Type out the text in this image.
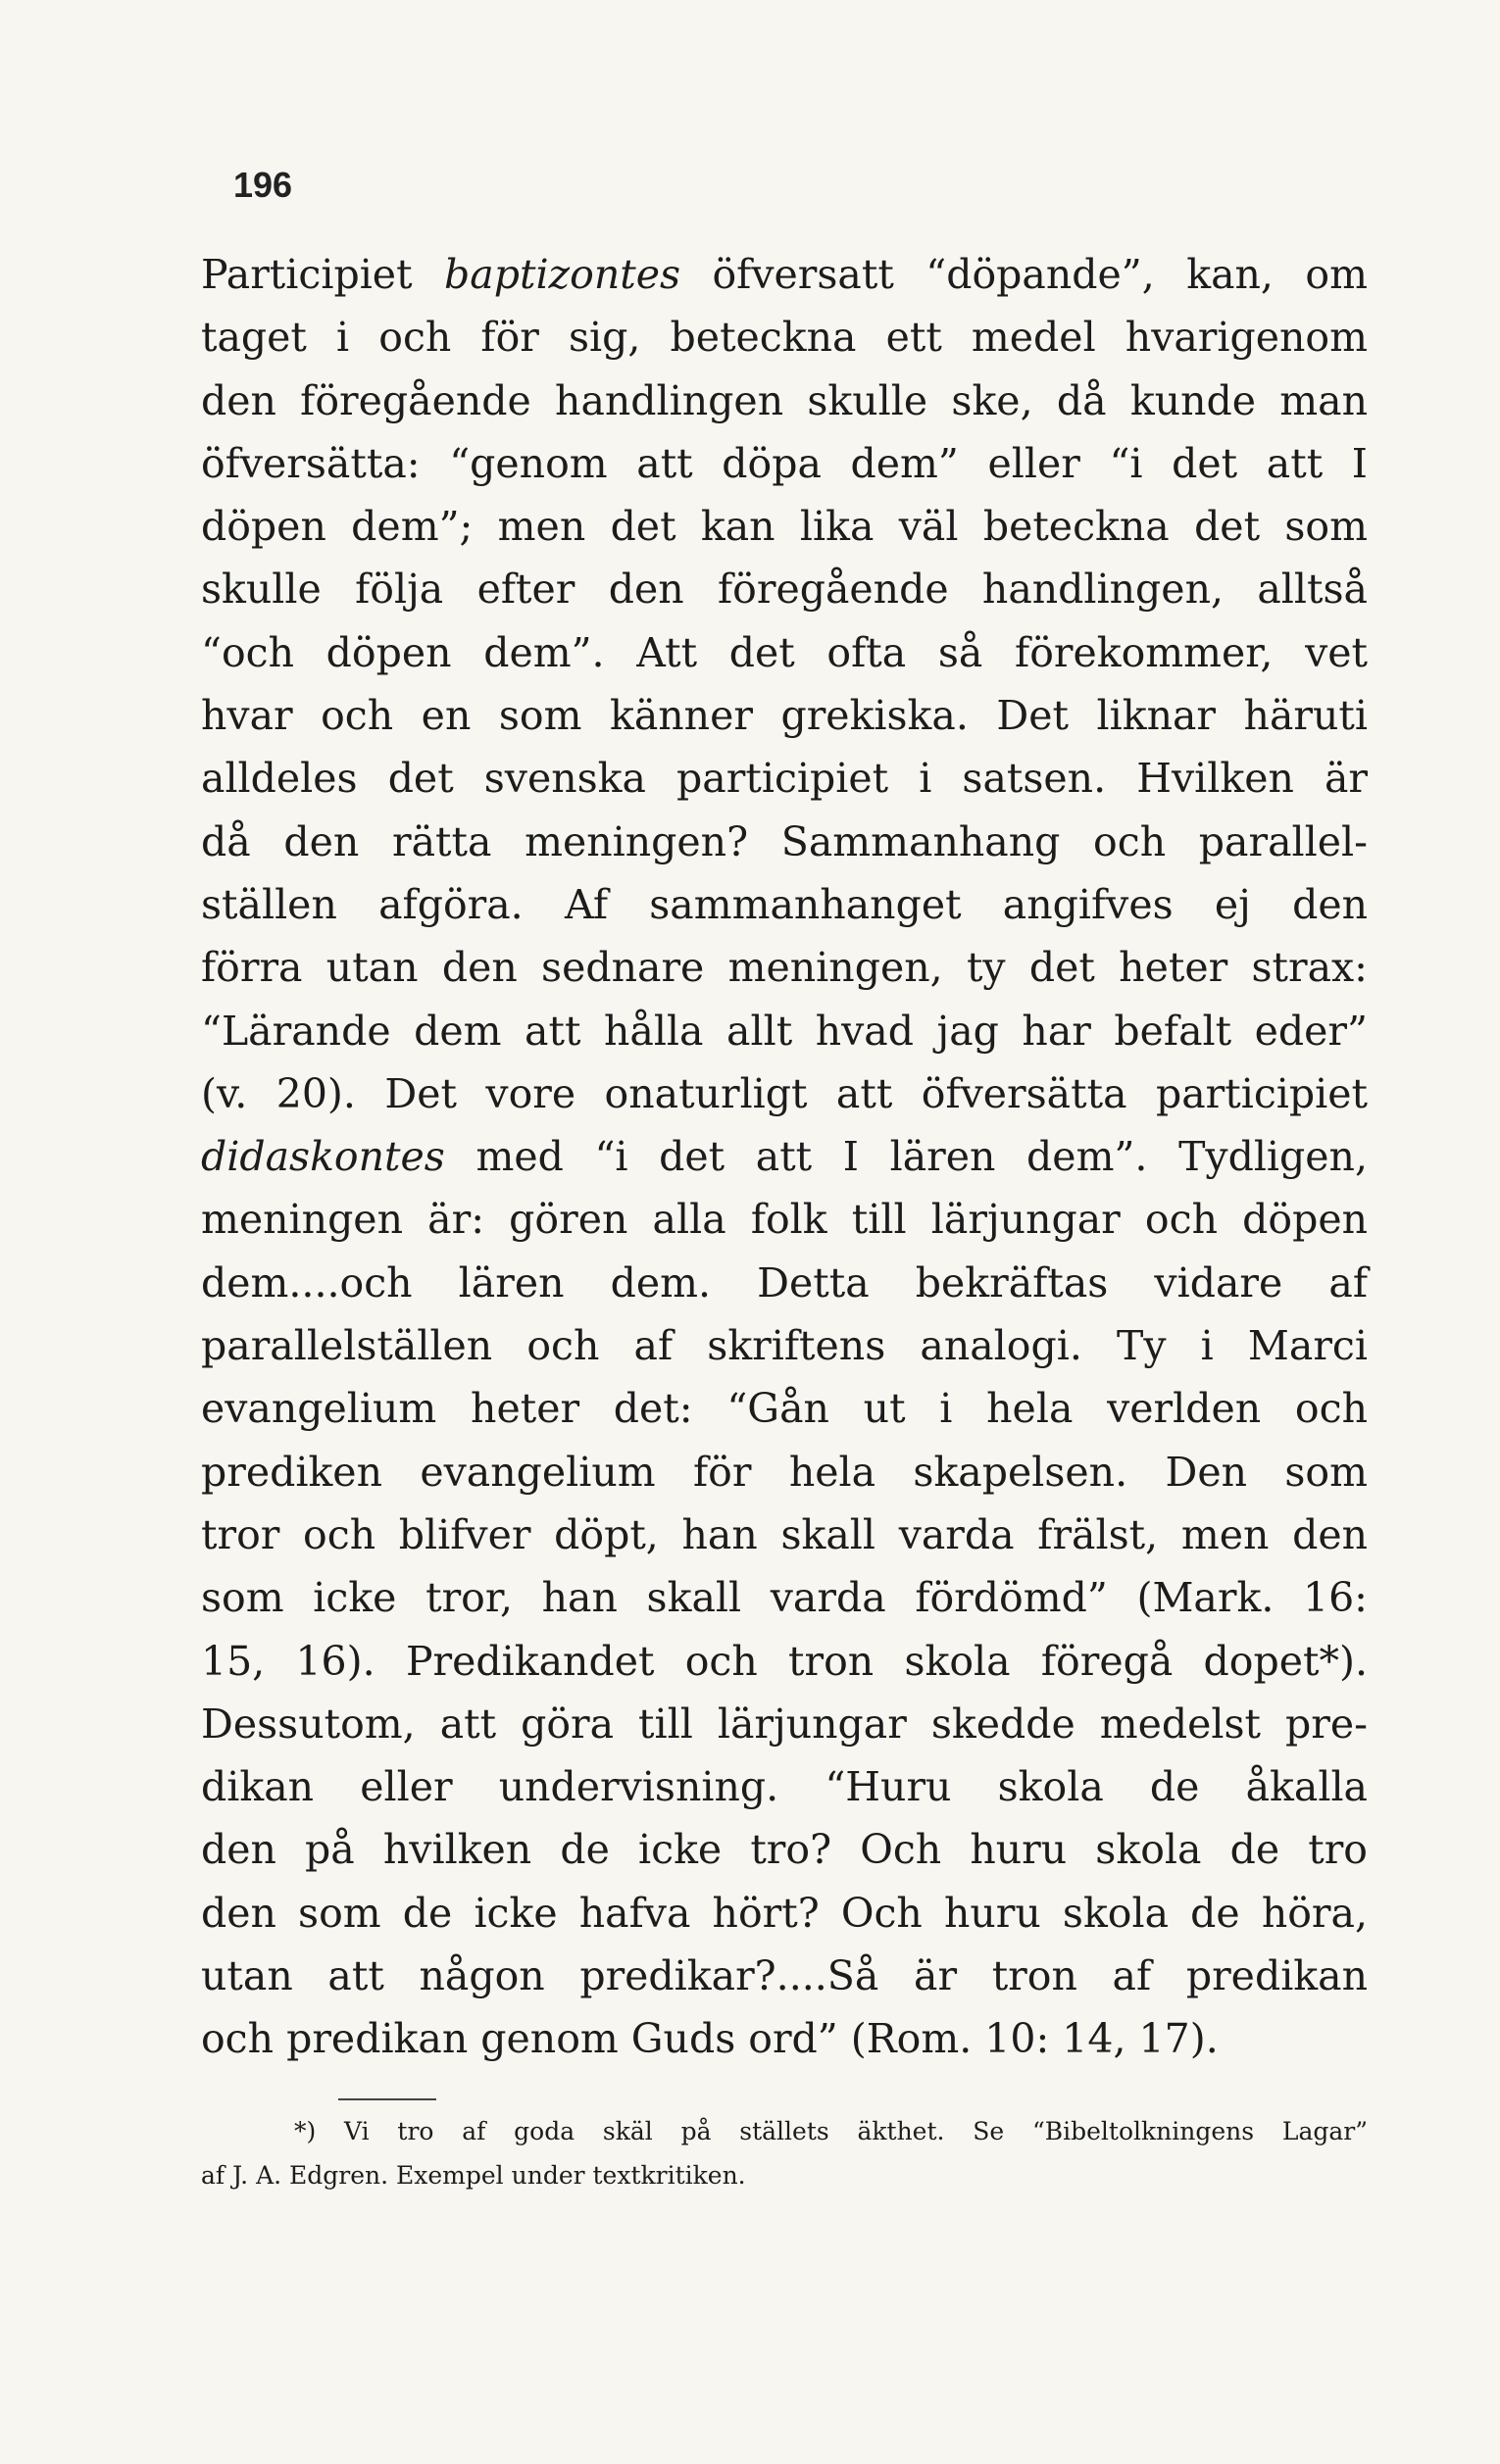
196
Participiet baptizontes öfversatt “döpande”, kan, om
taget i och för sig, beteckna ett medel hvarigenom
den föregående handlingen skulle ske, då kunde man
öfversätta: “genom att döpa dem” eller “i det att I
döpen dem”; men det kan lika väl beteckna det som
skulle följa efter den föregående handlingen, alltså
“och döpen dem”. Att det ofta så förekommer, vet
hvar och en som känner grekiska. Det liknar häruti
alldeles det svenska participiet i satsen. Hvilken är
då den rätta meningen? Sammanhang och parallel-
ställen afgöra. Af sammanhanget angifves ej den
förra utan den sednare meningen, ty det heter strax:
“Lärande dem att hålla allt hvad jag har befalt eder”
(v. 20). Det vore onaturligt att öfversätta participiet
didaskontes med “i det att I lären dem”. Tydligen,
meningen är: gören alla folk till lärjungar och döpen
dem....och lären dem. Detta bekräftas vidare af
parallelställen och af skriftens analogi. Ty i Marci
evangelium heter det: “Gån ut i hela verlden och
prediken evangelium för hela skapelsen. Den som
tror och blifver döpt, han skall varda frälst, men den
som icke tror, han skall varda fördömd” (Mark. 16:
15, 16). Predikandet och tron skola föregå dopet*).
Dessutom, att göra till lärjungar skedde medelst pre-
dikan eller undervisning. “Huru skola de åkalla
den på hvilken de icke tro? Och huru skola de tro
den som de icke hafva hört? Och huru skola de höra,
utan att någon predikar?....Så är tron af predikan
och predikan genom Guds ord” (Rom. 10: 14, 17).
*) Vi tro af goda skäl på ställets äkthet. Se “Bibeltolkningens Lagar”
af J. A. Edgren. Exempel under textkritiken.
